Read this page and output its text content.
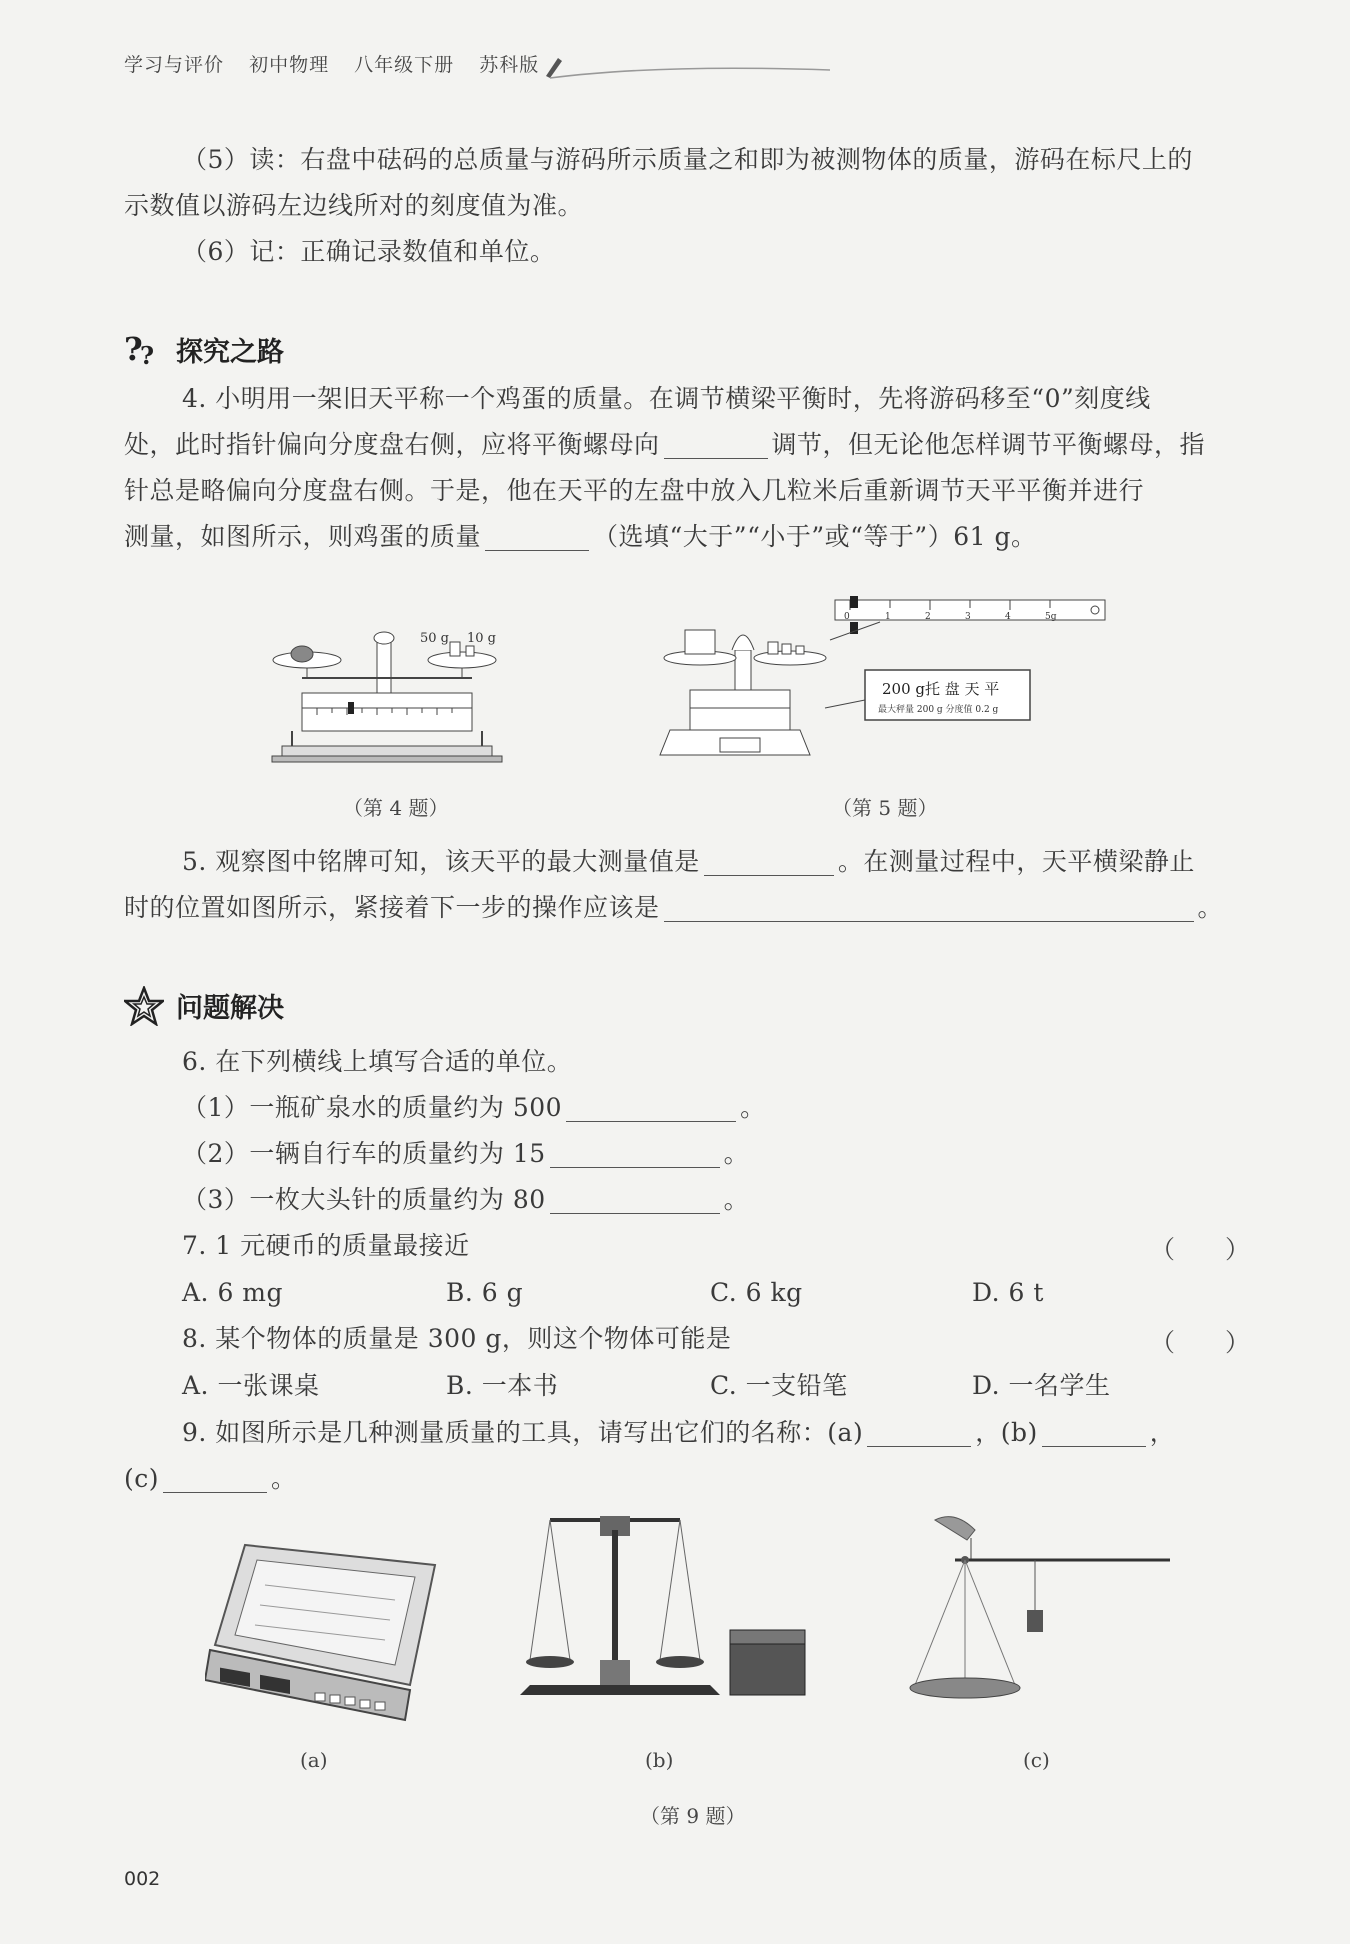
学习与评价 初中物理 八年级下册 苏科版
（5）读：右盘中砝码的总质量与游码所示质量之和即为被测物体的质量，游码在标尺上的
示数值以游码左边线所对的刻度值为准。
（6）记：正确记录数值和单位。
?
? 探究之路
4. 小明用一架旧天平称一个鸡蛋的质量。在调节横梁平衡时，先将游码移至“0”刻度线
处，此时指针偏向分度盘右侧，应将平衡螺母向	调节，但无论他怎样调节平衡螺母，指
针总是略偏向分度盘右侧。于是，他在天平的左盘中放入几粒米后重新调节天平平衡并进行
测量，如图所示，则鸡蛋的质量	（选填“大于”“小于”或“等于”）61 g。
50 g 10 g
（第 4 题）
0	1	2	3	4	5g
200 g托 盘 天 平
最大秤量 200 g 分度值 0.2 g
（第 5 题）
5. 观察图中铭牌可知，该天平的最大测量值是	。在测量过程中，天平横梁静止
时的位置如图所示，紧接着下一步的操作应该是	。
问题解决
6. 在下列横线上填写合适的单位。
（1）一瓶矿泉水的质量约为 500	。
（2）一辆自行车的质量约为 15	。
（3）一枚大头针的质量约为 80	。
7. 1 元硬币的质量最接近	（　　）
A. 6 mg	B. 6 g	C. 6 kg	D. 6 t
8. 某个物体的质量是 300 g，则这个物体可能是	（　　）
A. 一张课桌	B. 一本书	C. 一支铅笔	D. 一名学生
9. 如图所示是几种测量质量的工具，请写出它们的名称：(a)	，(b)	，
(c)	。
(a)	(b)	(c)
（第 9 题）
002
